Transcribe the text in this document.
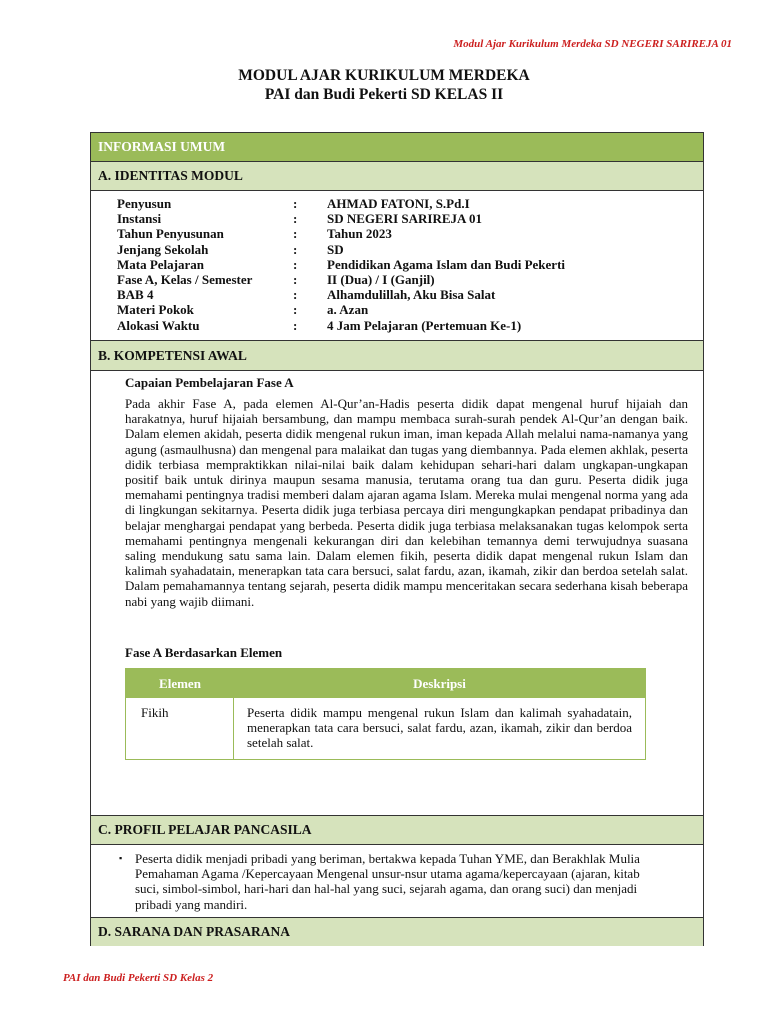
Modul Ajar Kurikulum Merdeka SD NEGERI SARIREJA 01
MODUL AJAR KURIKULUM MERDEKA
PAI dan Budi Pekerti SD KELAS II
INFORMASI UMUM
A. IDENTITAS MODUL
Penyusun	:	AHMAD FATONI, S.Pd.I
Instansi	:	SD NEGERI SARIREJA 01
Tahun Penyusunan	:	Tahun 2023
Jenjang Sekolah	:	SD
Mata Pelajaran	:	Pendidikan Agama Islam dan Budi Pekerti
Fase A, Kelas / Semester	:	II (Dua) / I (Ganjil)
BAB 4	:	Alhamdulillah, Aku Bisa Salat
Materi Pokok	:	a. Azan
Alokasi Waktu	:	4 Jam Pelajaran (Pertemuan Ke-1)
B. KOMPETENSI AWAL
Capaian Pembelajaran Fase A
Pada akhir Fase A, pada elemen Al-Qur’an-Hadis peserta didik dapat mengenal huruf hijaiah dan harakatnya, huruf hijaiah bersambung, dan mampu membaca surah-surah pendek Al-Qur’an dengan baik. Dalam elemen akidah, peserta didik mengenal rukun iman, iman kepada Allah melalui nama-namanya yang agung (asmaulhusna) dan mengenal para malaikat dan tugas yang diembannya. Pada elemen akhlak, peserta didik terbiasa mempraktikkan nilai-nilai baik dalam kehidupan sehari-hari dalam ungkapan-ungkapan positif baik untuk dirinya maupun sesama manusia, terutama orang tua dan guru. Peserta didik juga memahami pentingnya tradisi memberi dalam ajaran agama Islam. Mereka mulai mengenal norma yang ada di lingkungan sekitarnya. Peserta didik juga terbiasa percaya diri mengungkapkan pendapat pribadinya dan belajar menghargai pendapat yang berbeda. Peserta didik juga terbiasa melaksanakan tugas kelompok serta memahami pentingnya mengenali kekurangan diri dan kelebihan temannya demi terwujudnya suasana saling mendukung satu sama lain. Dalam elemen fikih, peserta didik dapat mengenal rukun Islam dan kalimah syahadatain, menerapkan tata cara bersuci, salat fardu, azan, ikamah, zikir dan berdoa setelah salat. Dalam pemahamannya tentang sejarah, peserta didik mampu menceritakan secara sederhana kisah beberapa nabi yang wajib diimani.
Fase A Berdasarkan Elemen
Elemen	Deskripsi
Fikih	Peserta didik mampu mengenal rukun Islam dan kalimah syahadatain, menerapkan tata cara bersuci, salat fardu, azan, ikamah, zikir dan berdoa setelah salat.
C. PROFIL PELAJAR PANCASILA
▪ Peserta didik menjadi pribadi yang beriman, bertakwa kepada Tuhan YME, dan Berakhlak Mulia Pemahaman Agama /Kepercayaan Mengenal unsur-nsur utama agama/kepercayaan (ajaran, kitab suci, simbol-simbol, hari-hari dan hal-hal yang suci, sejarah agama, dan orang suci) dan menjadi pribadi yang mandiri.
D. SARANA DAN PRASARANA
PAI dan Budi Pekerti SD Kelas 2
